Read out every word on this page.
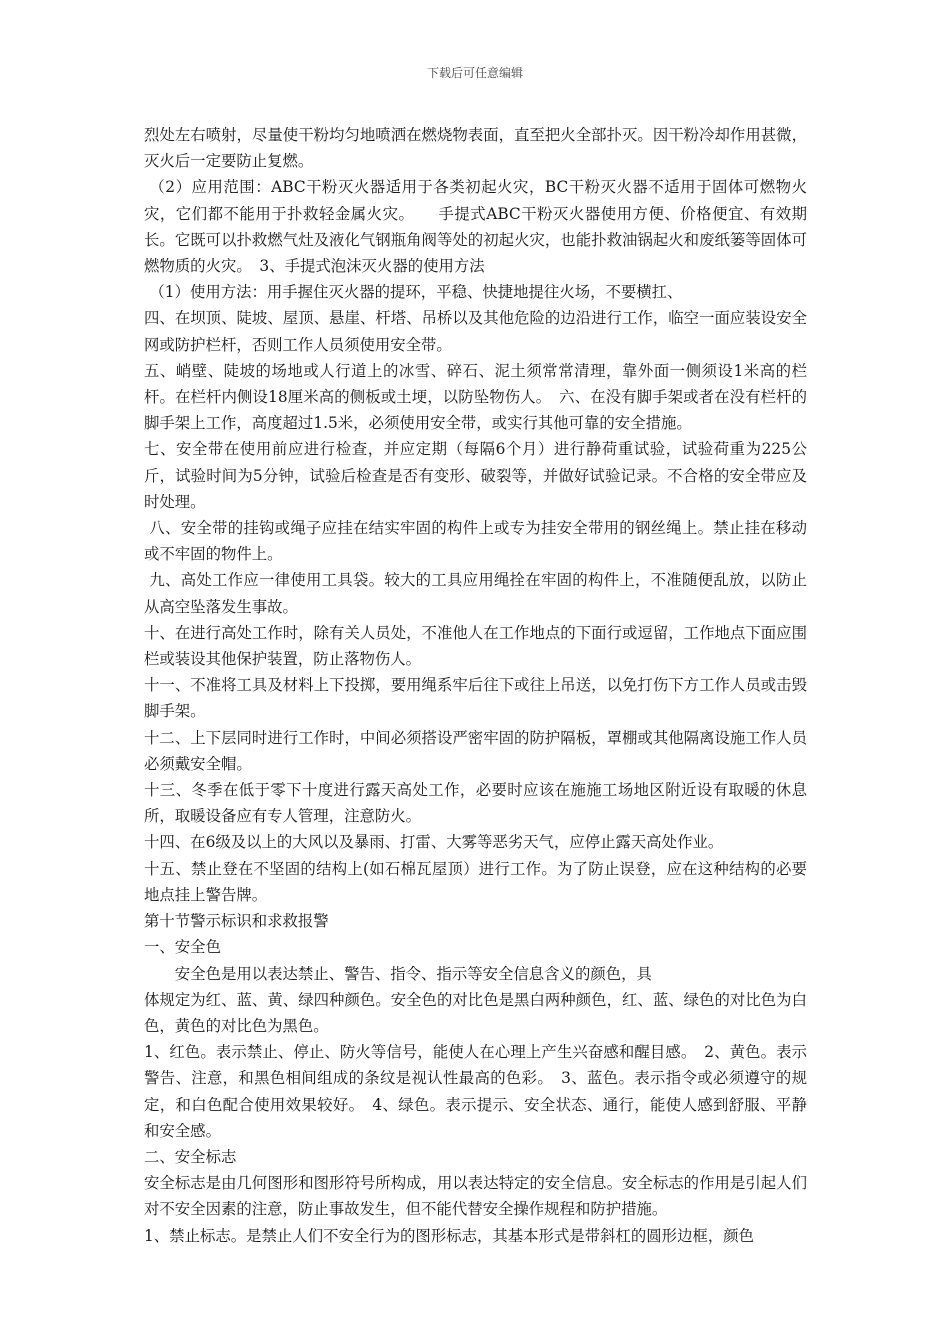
下载后可任意编辑

烈处左右喷射，尽量使干粉均匀地喷洒在燃烧物表面，直至把火全部扑灭。因干粉冷却作用甚微，灭火后一定要防止复燃。

（2）应用范围：ABC干粉灭火器适用于各类初起火灾，BC干粉灭火器不适用于固体可燃物火灾，它们都不能用于扑救轻金属火灾。　　手提式ABC干粉灭火器使用方便、价格便宜、有效期长。它既可以扑救燃气灶及液化气钢瓶角阀等处的初起火灾，也能扑救油锅起火和废纸篓等固体可燃物质的火灾。　3、手提式泡沫灭火器的使用方法

（1）使用方法：用手握住灭火器的提环，平稳、快捷地提往火场，不要横扛、

四、在坝顶、陡坡、屋顶、悬崖、杆塔、吊桥以及其他危险的边沿进行工作，临空一面应装设安全网或防护栏杆，否则工作人员须使用安全带。

五、峭壁、陡坡的场地或人行道上的冰雪、碎石、泥土须常常清理，靠外面一侧须设1米高的栏杆。在栏杆内侧设18厘米高的侧板或土埂，以防坠物伤人。　六、在没有脚手架或者在没有栏杆的脚手架上工作，高度超过1.5米，必须使用安全带，或实行其他可靠的安全措施。

七、安全带在使用前应进行检查，并应定期（每隔6个月）进行静荷重试验，试验荷重为225公斤，试验时间为5分钟，试验后检查是否有变形、破裂等，并做好试验记录。不合格的安全带应及时处理。

八、安全带的挂钩或绳子应挂在结实牢固的构件上或专为挂安全带用的钢丝绳上。禁止挂在移动或不牢固的物件上。

九、高处工作应一律使用工具袋。较大的工具应用绳拴在牢固的构件上，不准随便乱放，以防止从高空坠落发生事故。

十、在进行高处工作时，除有关人员处，不准他人在工作地点的下面行或逗留，工作地点下面应围栏或装设其他保护装置，防止落物伤人。

十一、不准将工具及材料上下投掷，要用绳系牢后往下或往上吊送，以免打伤下方工作人员或击毁脚手架。

十二、上下层同时进行工作时，中间必须搭设严密牢固的防护隔板，罩棚或其他隔离设施工作人员必须戴安全帽。

十三、冬季在低于零下十度进行露天高处工作，必要时应该在施施工场地区附近设有取暖的休息所，取暖设备应有专人管理，注意防火。

十四、在6级及以上的大风以及暴雨、打雷、大雾等恶劣天气，应停止露天高处作业。

十五、禁止登在不坚固的结构上(如石棉瓦屋顶）进行工作。为了防止误登，应在这种结构的必要地点挂上警告牌。

第十节警示标识和求救报警

一、安全色

安全色是用以表达禁止、警告、指令、指示等安全信息含义的颜色，具

体规定为红、蓝、黄、绿四种颜色。安全色的对比色是黑白两种颜色，红、蓝、绿色的对比色为白色，黄色的对比色为黑色。

1、红色。表示禁止、停止、防火等信号，能使人在心理上产生兴奋感和醒目感。　2、黄色。表示警告、注意，和黑色相间组成的条纹是视认性最高的色彩。　3、蓝色。表示指令或必须遵守的规定，和白色配合使用效果较好。　4、绿色。表示提示、安全状态、通行，能使人感到舒服、平静和安全感。

二、安全标志

安全标志是由几何图形和图形符号所构成，用以表达特定的安全信息。安全标志的作用是引起人们对不安全因素的注意，防止事故发生，但不能代替安全操作规程和防护措施。

1、禁止标志。是禁止人们不安全行为的图形标志，其基本形式是带斜杠的圆形边框，颜色
